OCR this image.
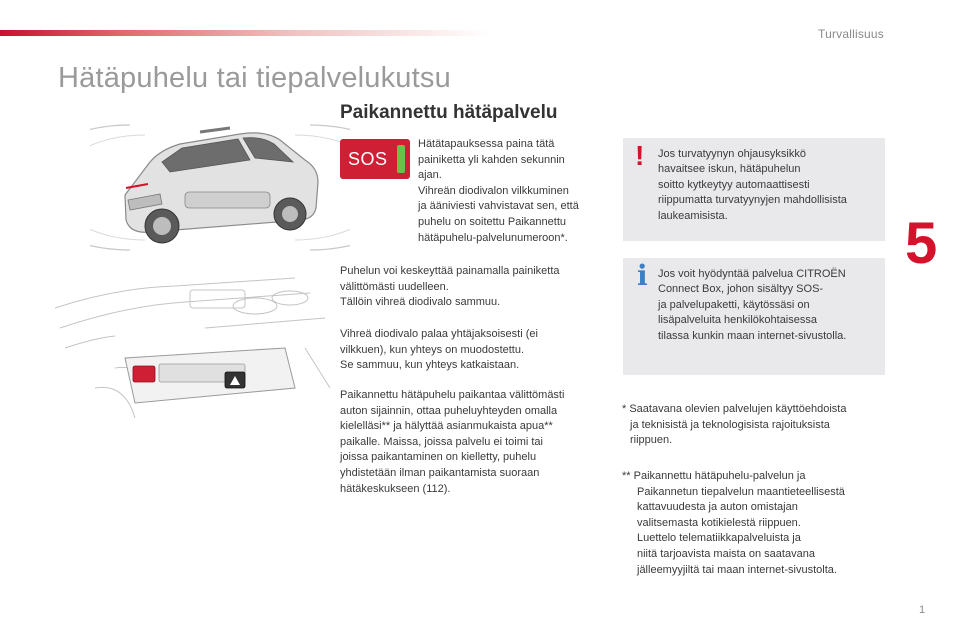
Turvallisuus
Hätäpuhelu tai tiepalvelukutsu
5
Paikannettu hätäpalvelu
SOS
Hätätapauksessa paina tätä
painiketta yli kahden sekunnin
ajan.
Vihreän diodivalon vilkkuminen
ja ääniviesti vahvistavat sen, että
puhelu on soitettu Paikannettu
hätäpuhelu-palvelunumeroon*.
Puhelun voi keskeyttää painamalla painiketta
välittömästi uudelleen.
Tällöin vihreä diodivalo sammuu.
Vihreä diodivalo palaa yhtäjaksoisesti (ei
vilkkuen), kun yhteys on muodostettu.
Se sammuu, kun yhteys katkaistaan.
Paikannettu hätäpuhelu paikantaa välittömästi
auton sijainnin, ottaa puheluyhteyden omalla
kielelläsi** ja hälyttää asianmukaista apua**
paikalle. Maissa, joissa palvelu ei toimi tai
joissa paikantaminen on kielletty, puhelu
yhdistetään ilman paikantamista suoraan
hätäkeskukseen (112).
! Jos turvatyynyn ohjausyksikkö
havaitsee iskun, hätäpuhelun
soitto kytkeytyy automaattisesti
riippumatta turvatyynyjen mahdollisista
laukeamisista.
i Jos voit hyödyntää palvelua CITROËN
Connect Box, johon sisältyy SOS-
ja palvelupaketti, käytössäsi on
lisäpalveluita henkilökohtaisessa
tilassa kunkin maan internet-sivustolla.
* Saatavana olevien palvelujen käyttöehdoista
ja teknisistä ja teknologisista rajoituksista
riippuen.
** Paikannettu hätäpuhelu-palvelun ja
Paikannetun tiepalvelun maantieteellisestä
kattavuudesta ja auton omistajan
valitsemasta kotikielestä riippuen.
Luettelo telematiikkapalveluista ja
niitä tarjoavista maista on saatavana
jälleemyyjiltä tai maan internet-sivustolta.
1
